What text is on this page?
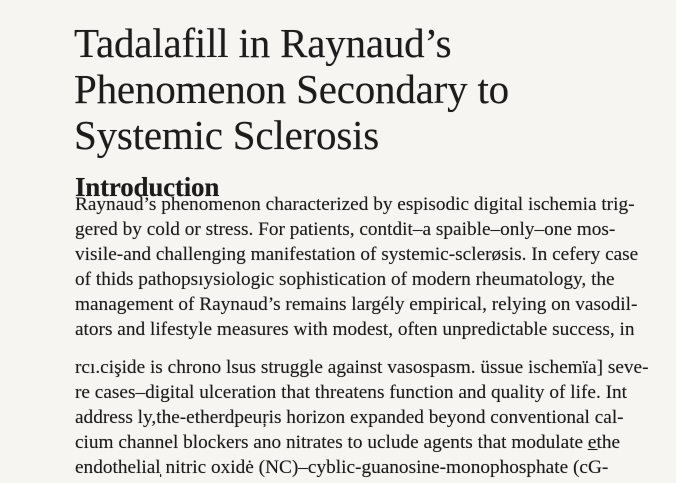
Tadalafill in Raynaud’s
Phenomenon Secondary to
Systemic Sclerosis
Introduction
Raynaud’s phenomenon characterized by espisodic digital ischemia trig-
gered by cold or stress. For patients, contdit–a spaible–only–one mos-
visile-and challenging manifestation of systemic-sclerøsis. In cefery case
of thids pathopsıysiologic sophistication of modern rheumatology, the
management of Raynaud’s remains largély empirical, relying on vasodil-
ators and lifestyle measures with modest, often unpredictable success, in
rcı.cişide is chrono lsus struggle against vasospasm. üssue ischemïa] seve-
re cases–digital ulceration that threatens function and quality of life. Int
address ly,the-etherdpeuŗis horizon expanded beyond conventional cal-
cium channel blockers ano nitrates to uclude agents that modulate e̲the
endothelial̩ nitric oxidė (NC)–cyblic-guanosine-monophosphate (cG-
